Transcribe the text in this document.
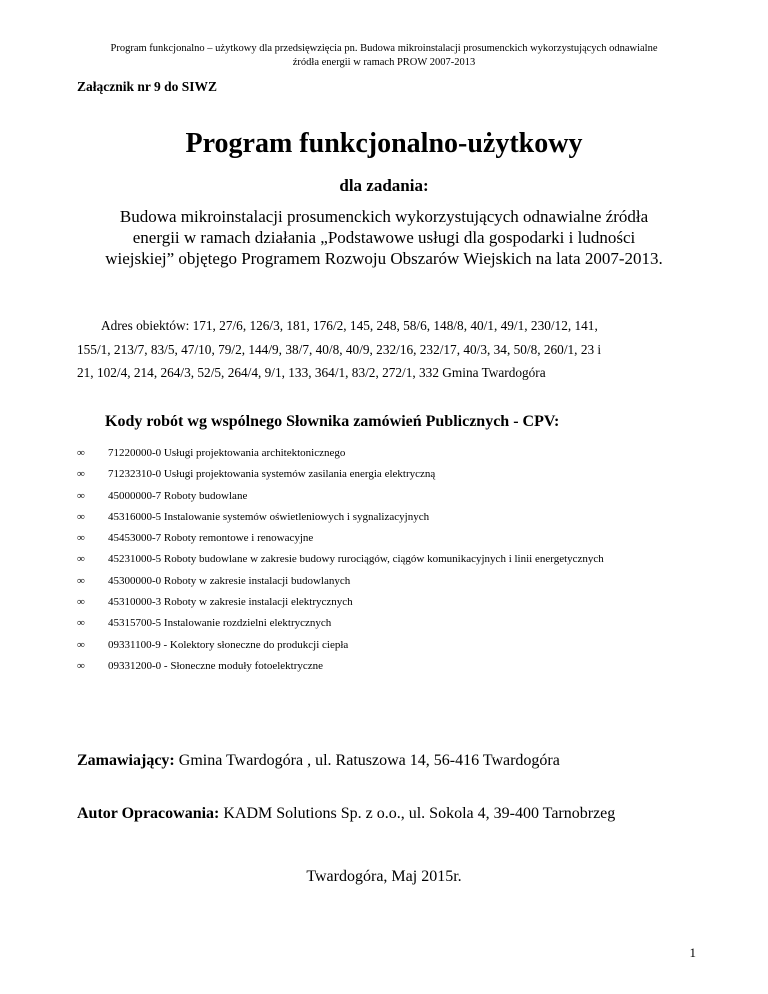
Program funkcjonalno – użytkowy dla przedsięwzięcia pn. Budowa mikroinstalacji prosumenckich wykorzystujących odnawialne
źródła energii w ramach PROW 2007-2013
Załącznik nr 9 do SIWZ
Program funkcjonalno-użytkowy
dla zadania:
Budowa mikroinstalacji prosumenckich wykorzystujących odnawialne źródła
energii w ramach działania „Podstawowe usługi dla gospodarki i ludności
wiejskiej” objętego Programem Rozwoju Obszarów Wiejskich na lata 2007-2013.
Adres obiektów: 171, 27/6, 126/3, 181, 176/2, 145, 248, 58/6, 148/8, 40/1, 49/1, 230/12, 141,
155/1, 213/7, 83/5, 47/10, 79/2, 144/9, 38/7, 40/8, 40/9, 232/16, 232/17, 40/3, 34, 50/8, 260/1, 23 i
21, 102/4, 214, 264/3, 52/5, 264/4, 9/1, 133, 364/1, 83/2, 272/1, 332 Gmina Twardogóra
Kody robót wg wspólnego Słownika zamówień Publicznych - CPV:
∞ 71220000-0 Usługi projektowania architektonicznego
∞ 71232310-0 Usługi projektowania systemów zasilania energia elektryczną
∞ 45000000-7 Roboty budowlane
∞ 45316000-5 Instalowanie systemów oświetleniowych i sygnalizacyjnych
∞ 45453000-7 Roboty remontowe i renowacyjne
∞ 45231000-5 Roboty budowlane w zakresie budowy rurociągów, ciągów komunikacyjnych i linii energetycznych
∞ 45300000-0 Roboty w zakresie instalacji budowlanych
∞ 45310000-3 Roboty w zakresie instalacji elektrycznych
∞ 45315700-5 Instalowanie rozdzielni elektrycznych
∞ 09331100-9 - Kolektory słoneczne do produkcji ciepła
∞ 09331200-0 - Słoneczne moduły fotoelektryczne
Zamawiający: Gmina Twardogóra , ul. Ratuszowa 14, 56-416 Twardogóra
Autor Opracowania: KADM Solutions Sp. z o.o., ul. Sokola 4, 39-400 Tarnobrzeg
Twardogóra, Maj 2015r.
1
